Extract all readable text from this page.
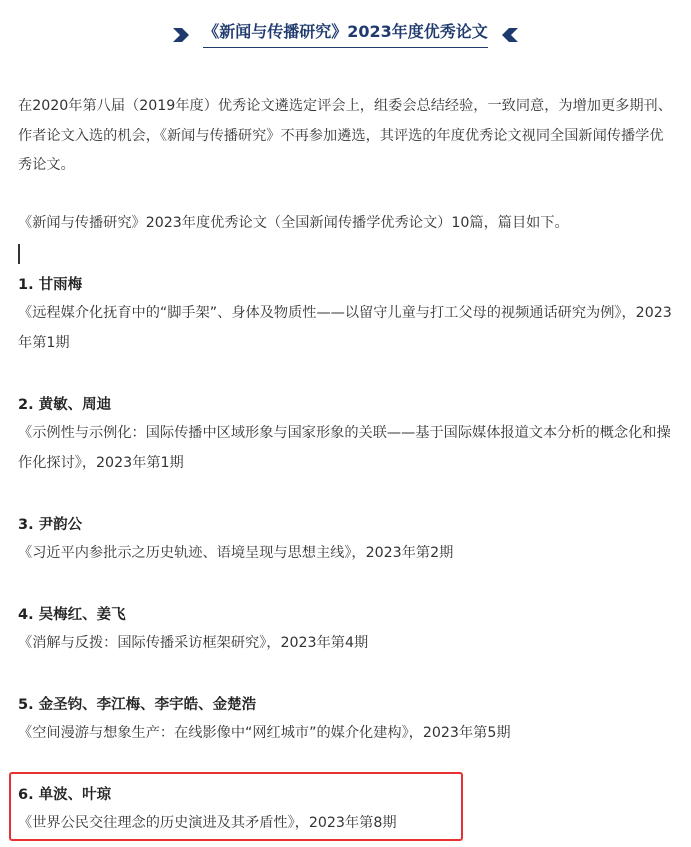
《新闻与传播研究》2023年度优秀论文

在2020年第八届（2019年度）优秀论文遴选定评会上，组委会总结经验，一致同意，为增加更多期刊、作者论文入选的机会，《新闻与传播研究》不再参加遴选，其评选的年度优秀论文视同全国新闻传播学优秀论文。

《新闻与传播研究》2023年度优秀论文（全国新闻传播学优秀论文）10篇，篇目如下。

1. 甘雨梅

《远程媒介化抚育中的“脚手架”、身体及物质性——以留守儿童与打工父母的视频通话研究为例》，2023年第1期

2. 黄敏、周迪

《示例性与示例化：国际传播中区域形象与国家形象的关联——基于国际媒体报道文本分析的概念化和操作化探讨》，2023年第1期

3. 尹韵公

《习近平内参批示之历史轨迹、语境呈现与思想主线》，2023年第2期

4. 吴梅红、姜飞

《消解与反拨：国际传播采访框架研究》，2023年第4期

5. 金圣钧、李江梅、李宇皓、金楚浩

《空间漫游与想象生产：在线影像中“网红城市”的媒介化建构》，2023年第5期

6. 单波、叶琼

《世界公民交往理念的历史演进及其矛盾性》，2023年第8期
